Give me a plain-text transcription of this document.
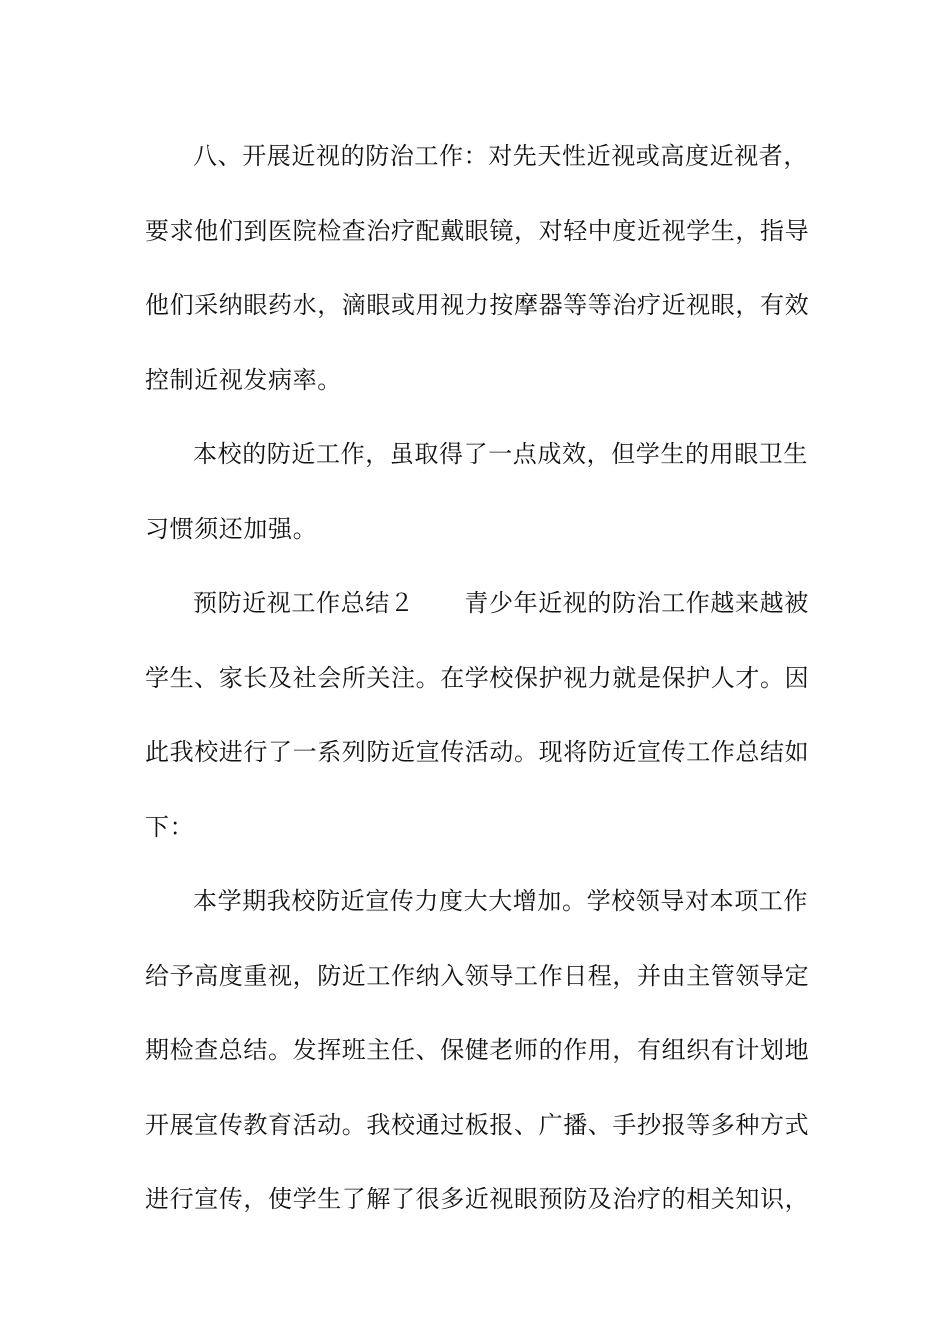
八、开展近视的防治工作：对先天性近视或高度近视者，
要求他们到医院检查治疗配戴眼镜，对轻中度近视学生，指导
他们采纳眼药水，滴眼或用视力按摩器等等治疗近视眼，有效
控制近视发病率。
本校的防近工作，虽取得了一点成效，但学生的用眼卫生
习惯须还加强。
预防近视工作总结２ 青少年近视的防治工作越来越被
学生、家长及社会所关注。在学校保护视力就是保护人才。因
此我校进行了一系列防近宣传活动。现将防近宣传工作总结如
下：
本学期我校防近宣传力度大大增加。学校领导对本项工作
给予高度重视，防近工作纳入领导工作日程，并由主管领导定
期检查总结。发挥班主任、保健老师的作用，有组织有计划地
开展宣传教育活动。我校通过板报、广播、手抄报等多种方式
进行宣传，使学生了解了很多近视眼预防及治疗的相关知识，
